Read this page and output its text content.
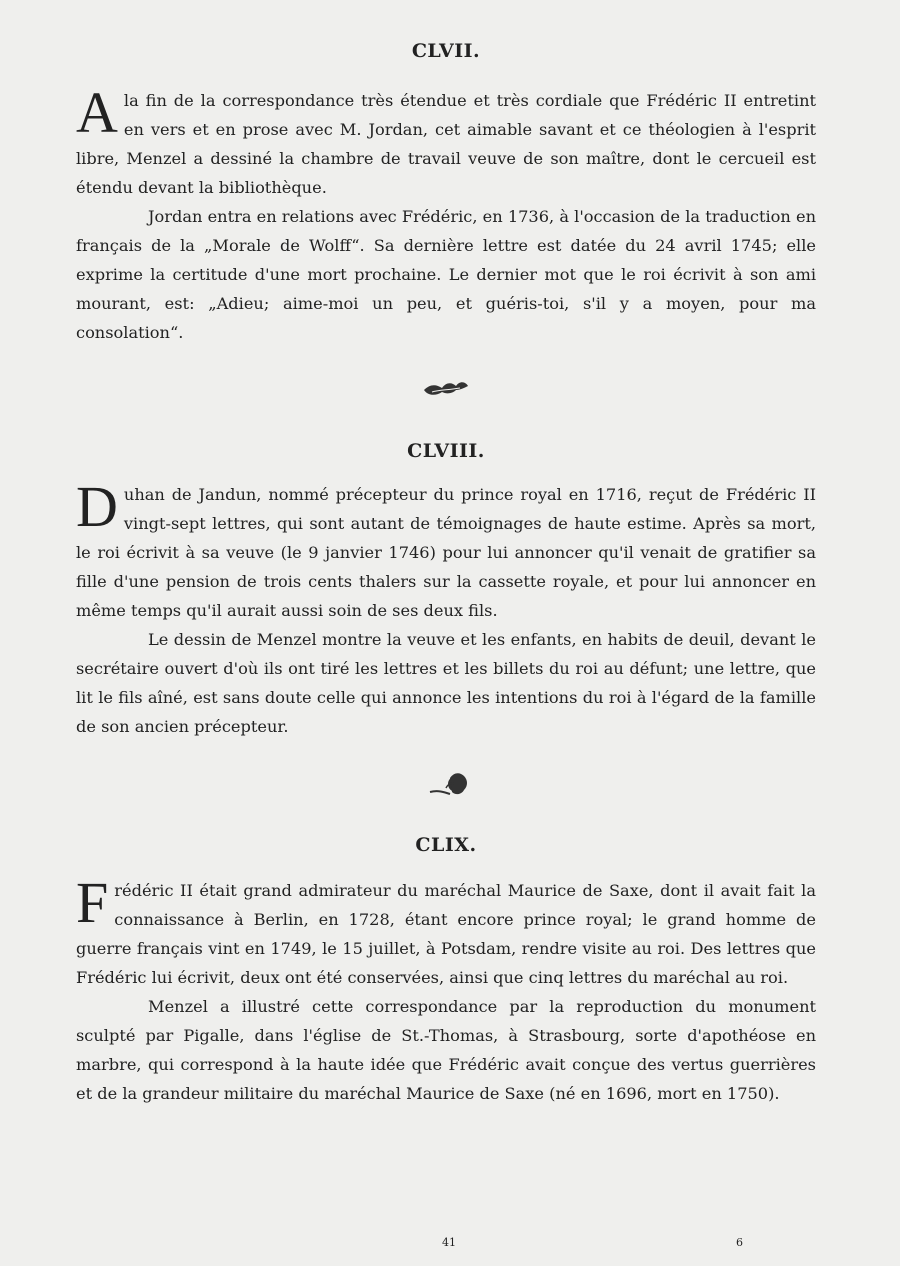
CLVII.

Ala fin de la correspondance très étendue et très cordiale que Frédéric II entretint en vers et en prose avec M. Jordan, cet aimable savant et ce théologien à l'esprit libre, Menzel a dessiné la chambre de travail veuve de son maître, dont le cercueil est étendu devant la bibliothèque.

Jordan entra en relations avec Frédéric, en 1736, à l'occasion de la traduction en français de la „Morale de Wolff“. Sa dernière lettre est datée du 24 avril 1745; elle exprime la certitude d'une mort prochaine. Le dernier mot que le roi écrivit à son ami mourant, est: „Adieu; aime-moi un peu, et guéris-toi, s'il y a moyen, pour ma consolation“.

CLVIII.

Duhan de Jandun, nommé précepteur du prince royal en 1716, reçut de Frédéric II vingt-sept lettres, qui sont autant de témoignages de haute estime. Après sa mort, le roi écrivit à sa veuve (le 9 janvier 1746) pour lui annoncer qu'il venait de gratifier sa fille d'une pension de trois cents thalers sur la cassette royale, et pour lui annoncer en même temps qu'il aurait aussi soin de ses deux fils.

Le dessin de Menzel montre la veuve et les enfants, en habits de deuil, devant le secrétaire ouvert d'où ils ont tiré les lettres et les billets du roi au défunt; une lettre, que lit le fils aîné, est sans doute celle qui annonce les intentions du roi à l'égard de la famille de son ancien précepteur.

CLIX.

Frédéric II était grand admirateur du maréchal Maurice de Saxe, dont il avait fait la connaissance à Berlin, en 1728, étant encore prince royal; le grand homme de guerre français vint en 1749, le 15 juillet, à Potsdam, rendre visite au roi. Des lettres que Frédéric lui écrivit, deux ont été conservées, ainsi que cinq lettres du maréchal au roi.

Menzel a illustré cette correspondance par la reproduction du monument sculpté par Pigalle, dans l'église de St.-Thomas, à Strasbourg, sorte d'apothéose en marbre, qui correspond à la haute idée que Frédéric avait conçue des vertus guerrières et de la grandeur militaire du maréchal Maurice de Saxe (né en 1696, mort en 1750).

41	6
